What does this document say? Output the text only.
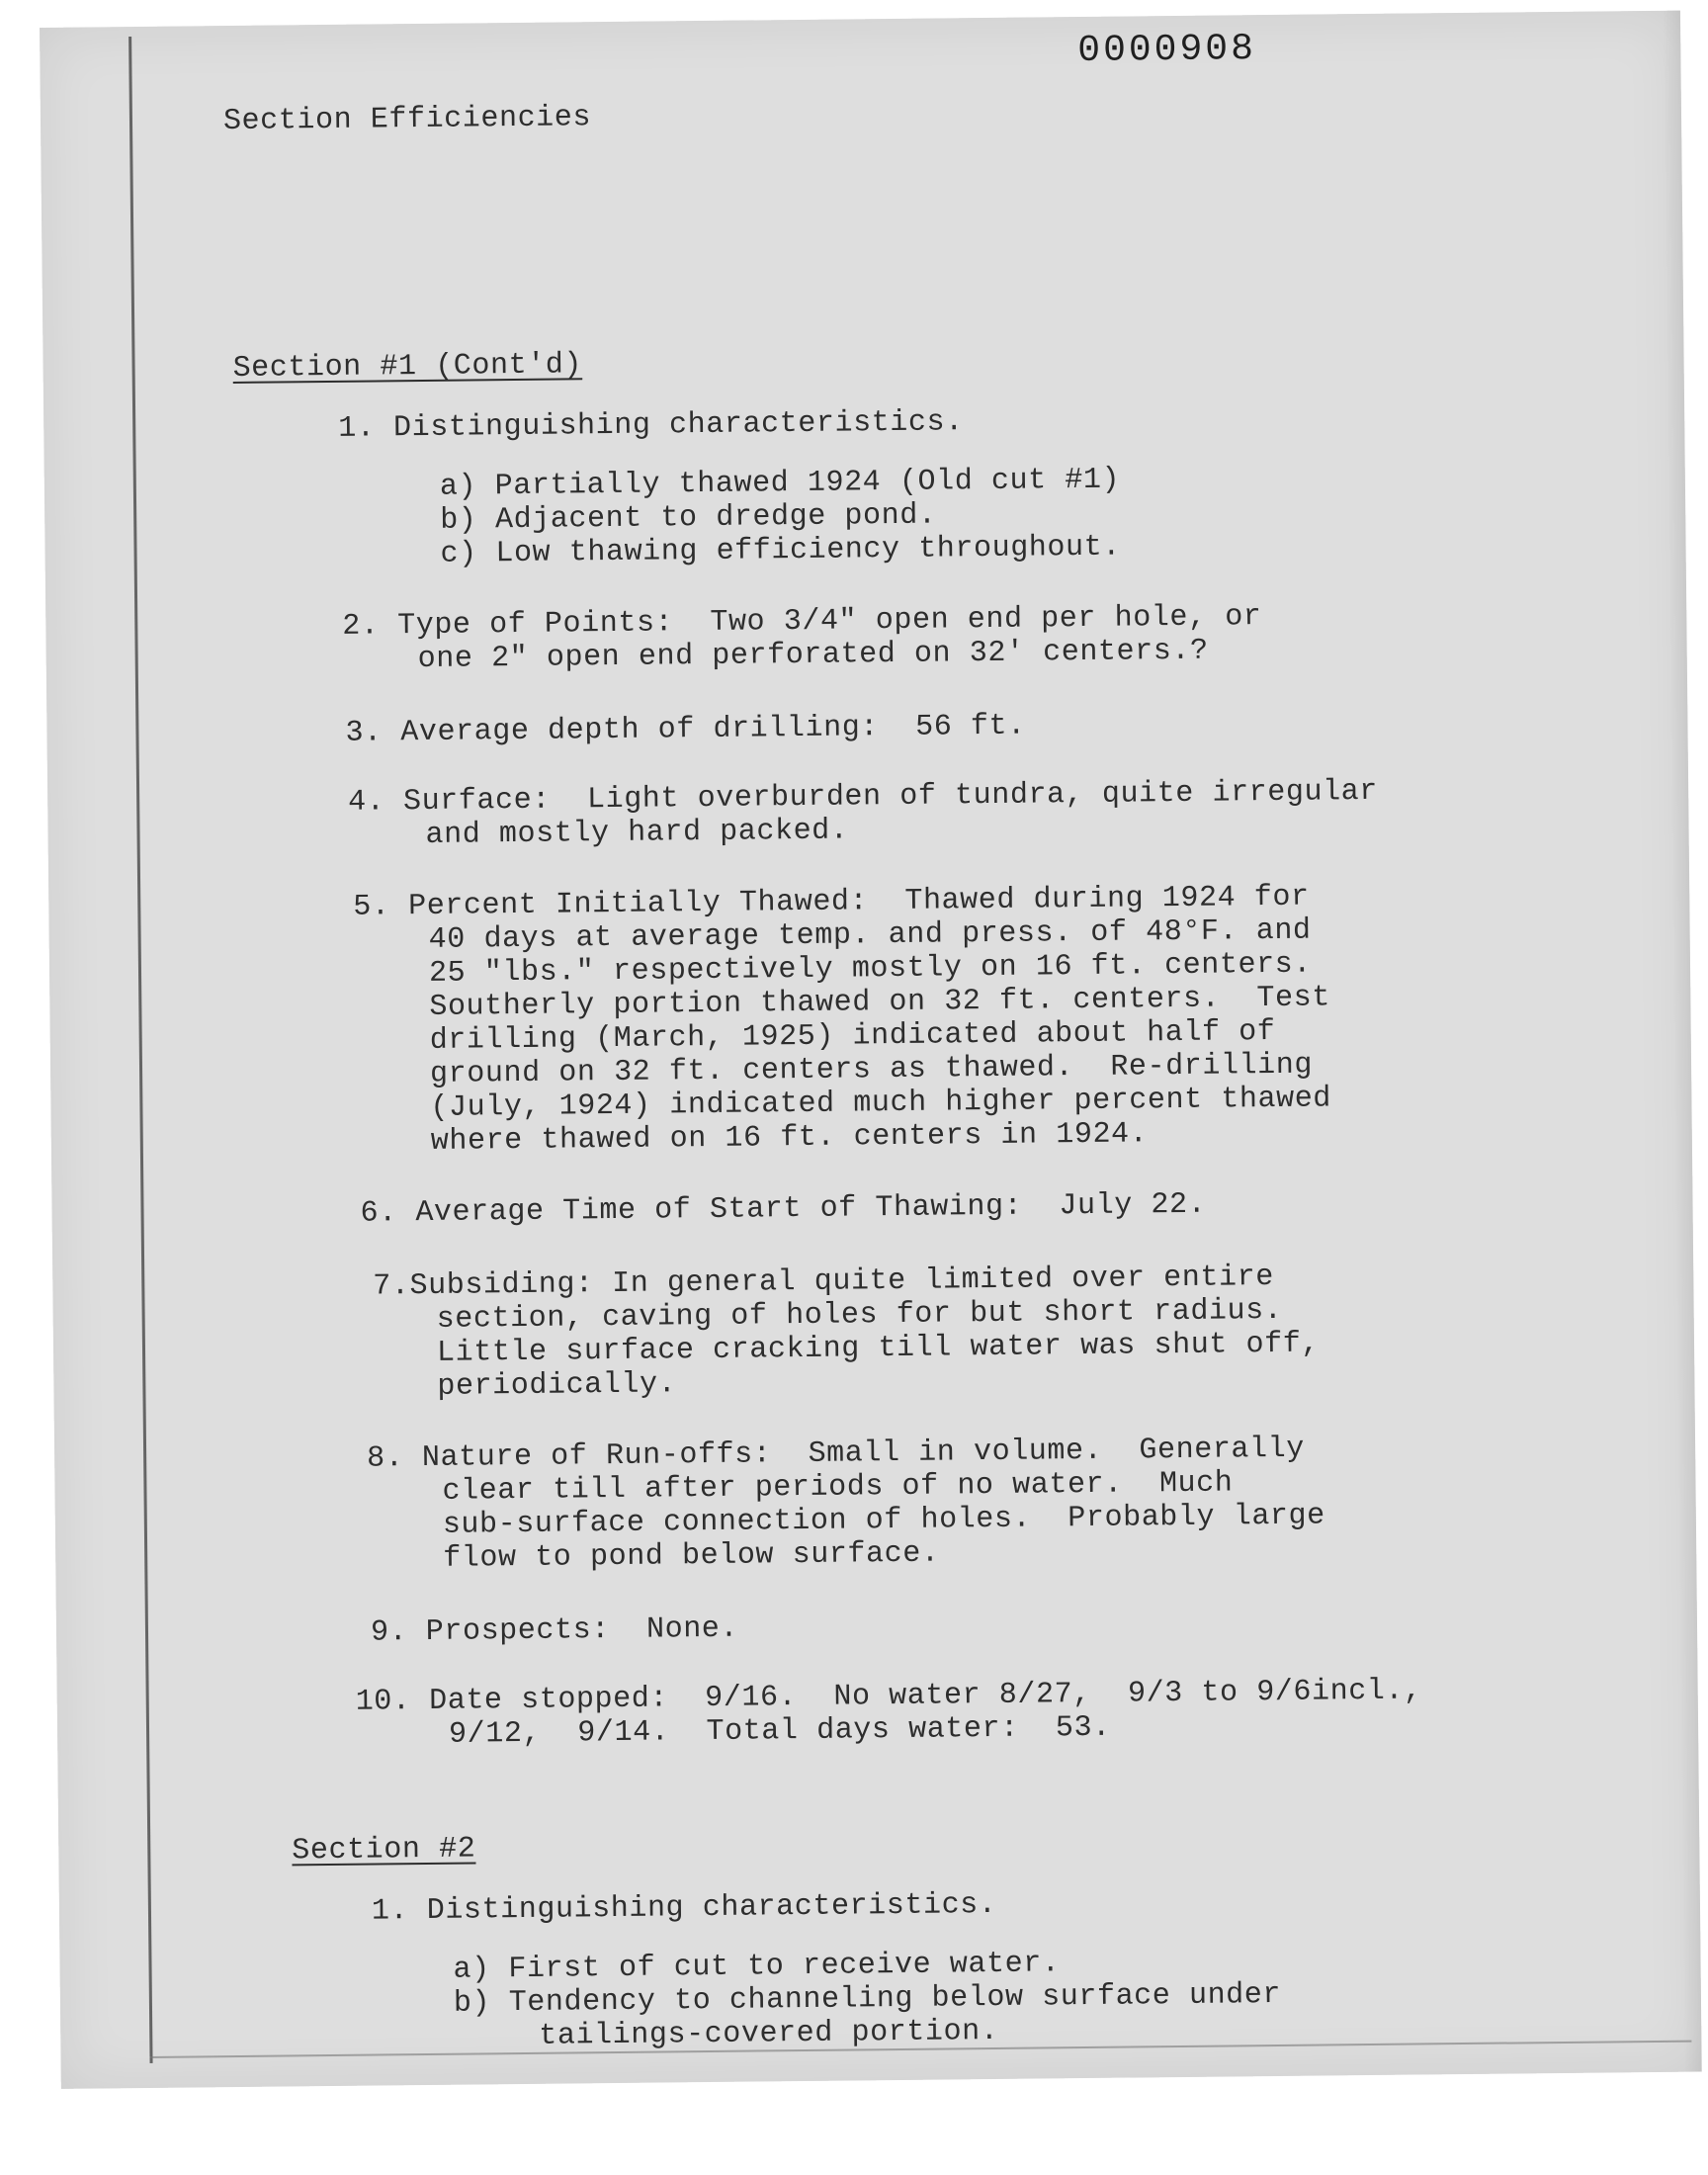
0000908
Section Efficiencies
Section #1 (Cont'd)
1. Distinguishing characteristics.
a) Partially thawed 1924 (Old cut #1)
b) Adjacent to dredge pond.
c) Low thawing efficiency throughout.
2. Type of Points:  Two 3/4" open end per hole, or
one 2" open end perforated on 32' centers.?
3. Average depth of drilling:  56 ft.
4. Surface:  Light overburden of tundra, quite irregular
and mostly hard packed.
5. Percent Initially Thawed:  Thawed during 1924 for
40 days at average temp. and press. of 48°F. and
25 "lbs." respectively mostly on 16 ft. centers.
Southerly portion thawed on 32 ft. centers.  Test
drilling (March, 1925) indicated about half of
ground on 32 ft. centers as thawed.  Re-drilling
(July, 1924) indicated much higher percent thawed
where thawed on 16 ft. centers in 1924.
6. Average Time of Start of Thawing:  July 22.
7.Subsiding: In general quite limited over entire
section, caving of holes for but short radius.
Little surface cracking till water was shut off,
periodically.
8. Nature of Run-offs:  Small in volume.  Generally
clear till after periods of no water.  Much
sub-surface connection of holes.  Probably large
flow to pond below surface.
9. Prospects:  None.
10. Date stopped:  9/16.  No water 8/27,  9/3 to 9/6incl.,
9/12,  9/14.  Total days water:  53.
Section #2
1. Distinguishing characteristics.
a) First of cut to receive water.
b) Tendency to channeling below surface under
tailings-covered portion.
